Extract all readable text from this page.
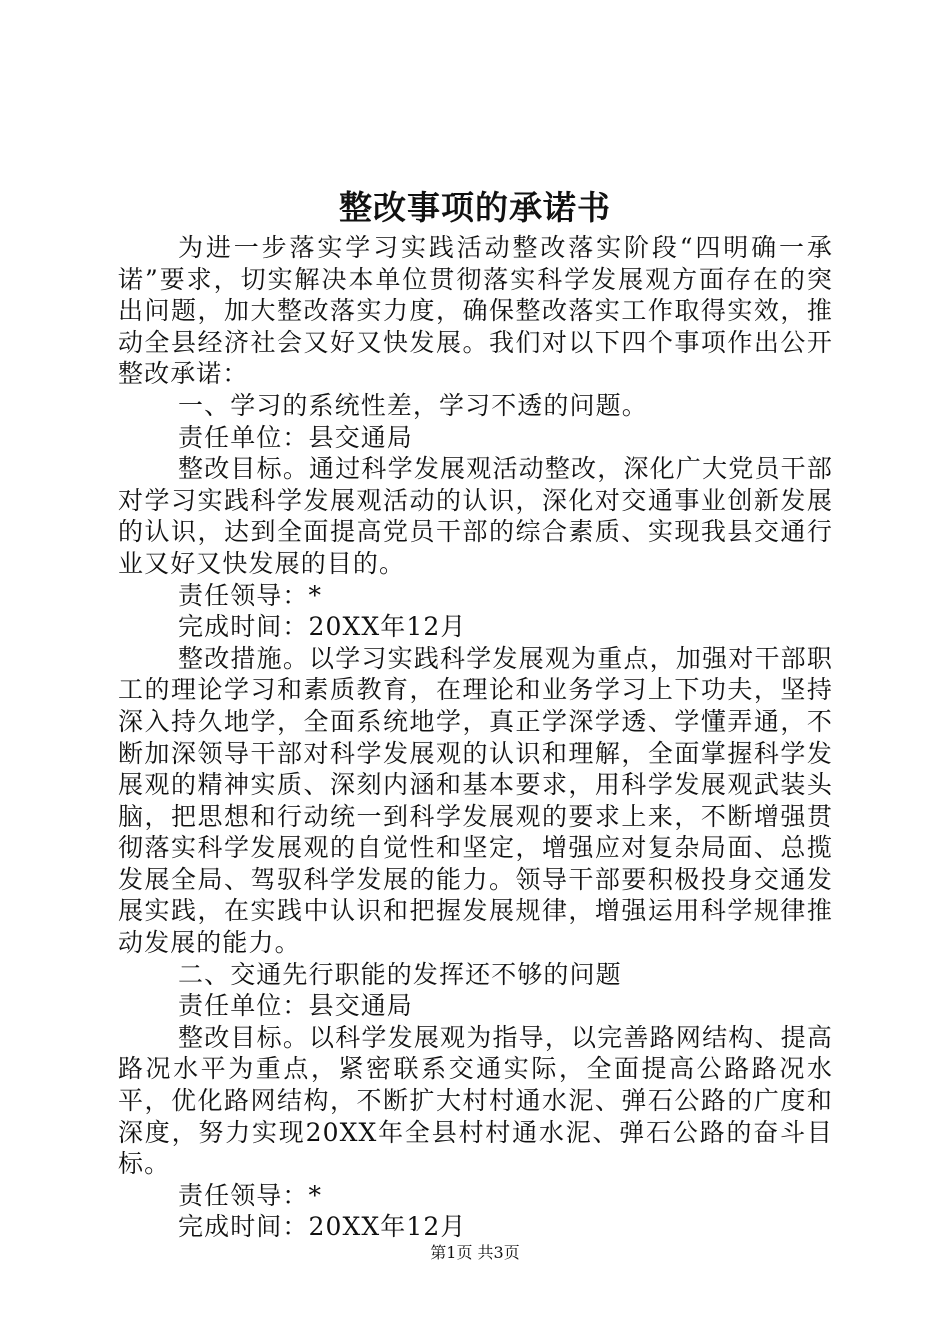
整改事项的承诺书

为进一步落实学习实践活动整改落实阶段“四明确一承诺”要求，切实解决本单位贯彻落实科学发展观方面存在的突出问题，加大整改落实力度，确保整改落实工作取得实效，推动全县经济社会又好又快发展。我们对以下四个事项作出公开整改承诺：

一、学习的系统性差，学习不透的问题。

责任单位：县交通局

整改目标。通过科学发展观活动整改，深化广大党员干部对学习实践科学发展观活动的认识，深化对交通事业创新发展的认识，达到全面提高党员干部的综合素质、实现我县交通行业又好又快发展的目的。

责任领导：*

完成时间：20XX年12月

整改措施。以学习实践科学发展观为重点，加强对干部职工的理论学习和素质教育，在理论和业务学习上下功夫，坚持深入持久地学，全面系统地学，真正学深学透、学懂弄通，不断加深领导干部对科学发展观的认识和理解，全面掌握科学发展观的精神实质、深刻内涵和基本要求，用科学发展观武装头脑，把思想和行动统一到科学发展观的要求上来，不断增强贯彻落实科学发展观的自觉性和坚定，增强应对复杂局面、总揽发展全局、驾驭科学发展的能力。领导干部要积极投身交通发展实践，在实践中认识和把握发展规律，增强运用科学规律推动发展的能力。

二、交通先行职能的发挥还不够的问题

责任单位：县交通局

整改目标。以科学发展观为指导，以完善路网结构、提高路况水平为重点，紧密联系交通实际，全面提高公路路况水平，优化路网结构，不断扩大村村通水泥、弹石公路的广度和深度，努力实现20XX年全县村村通水泥、弹石公路的奋斗目标。

责任领导：*

完成时间：20XX年12月

第1页 共3页
